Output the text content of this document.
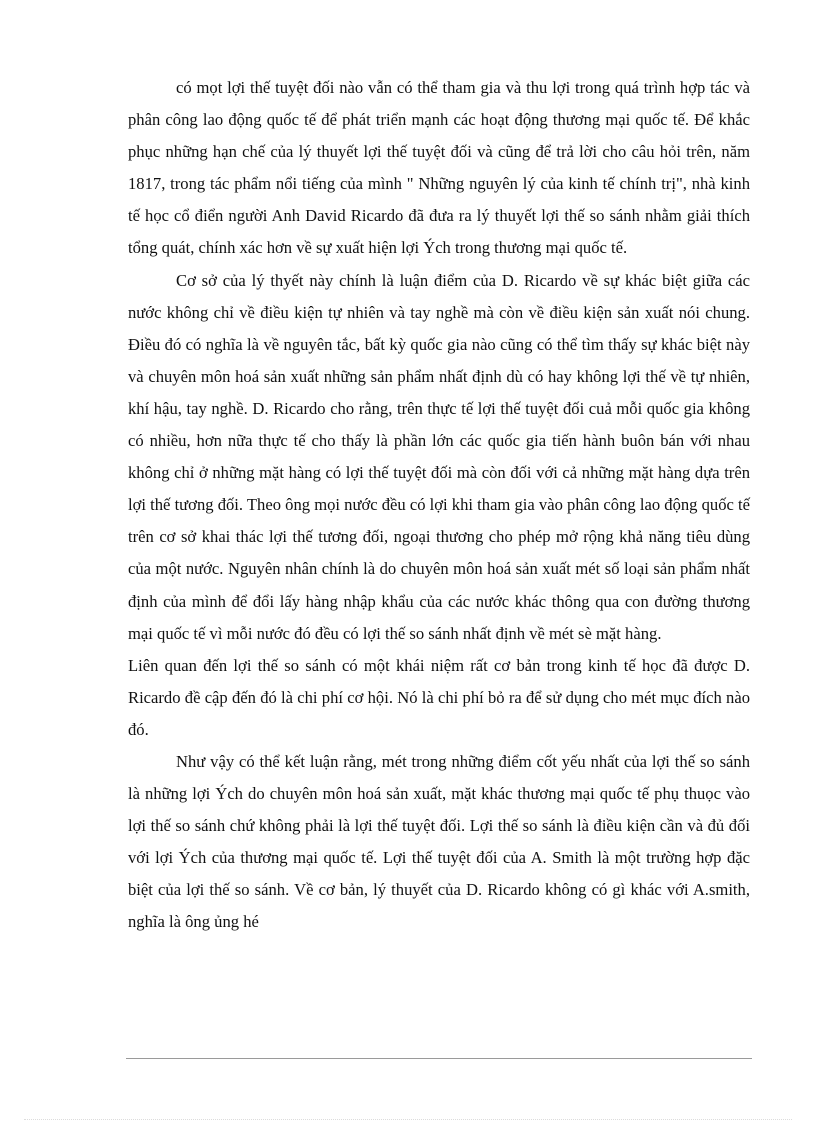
có mọt lợi thế tuyệt đối nào vẫn có thể tham gia và thu lợi trong quá trình hợp tác và phân công lao động quốc tế để phát triển mạnh các hoạt động thương mại quốc tế. Để khắc phục những hạn chế của lý thuyết lợi thế tuyệt đối và cũng để trả lời cho câu hỏi trên, năm 1817, trong tác phẩm nổi tiếng của mình " Những nguyên lý của kinh tế chính trị", nhà kinh tế học cổ điển người Anh David Ricardo đã đưa ra lý thuyết lợi thế so sánh nhằm giải thích tổng quát, chính xác hơn về sự xuất hiện lợi Ých trong thương mại quốc tế.

Cơ sở của lý thyết này chính là luận điểm của D. Ricardo về sự khác biệt giữa các nước không chỉ về điều kiện tự nhiên và tay nghề mà còn về điều kiện sản xuất nói chung. Điều đó có nghĩa là về nguyên tắc, bất kỳ quốc gia nào cũng có thể tìm thấy sự khác biệt này và chuyên môn hoá sản xuất những sản phẩm nhất định dù có hay không lợi thế về tự nhiên, khí hậu, tay nghề. D. Ricardo cho rằng, trên thực tế lợi thế tuyệt đối cuả mỗi quốc gia không có nhiều, hơn nữa thực tế cho thấy là phần lớn các quốc gia tiến hành buôn bán với nhau không chỉ ở những mặt hàng có lợi thế tuyệt đối mà còn đối với cả những mặt hàng dựa trên lợi thế tương đối. Theo ông mọi nước đều có lợi khi tham gia vào phân công lao động quốc tế trên cơ sở khai thác lợi thế tương đối, ngoại thương cho phép mở rộng khả năng tiêu dùng của một nước. Nguyên nhân chính là do chuyên môn hoá sản xuất mét số loại sản phẩm nhất định của mình để đổi lấy hàng nhập khẩu của các nước khác thông qua con đường thương mại quốc tế vì mỗi nước đó đều có lợi thế so sánh nhất định về mét sè mặt hàng.

Liên quan đến lợi thế so sánh có một khái niệm rất cơ bản trong kinh tế học đã được D. Ricardo đề cập đến đó là chi phí cơ hội. Nó là chi phí bỏ ra để sử dụng cho mét mục đích nào đó.

Như vậy có thể kết luận rằng, mét trong những điểm cốt yếu nhất của lợi thế so sánh là những lợi Ých do chuyên môn hoá sản xuất, mặt khác thương mại quốc tế phụ thuọc vào lợi thế so sánh chứ không phải là lợi thế tuyệt đối. Lợi thế so sánh là điều kiện cần và đủ đối với lợi Ých của thương mại quốc tế. Lợi thế tuyệt đối của A. Smith là một trường hợp đặc biệt của lợi thế so sánh. Về cơ bản, lý thuyết của D. Ricardo không có gì khác với A.smith, nghĩa là ông ủng hé
